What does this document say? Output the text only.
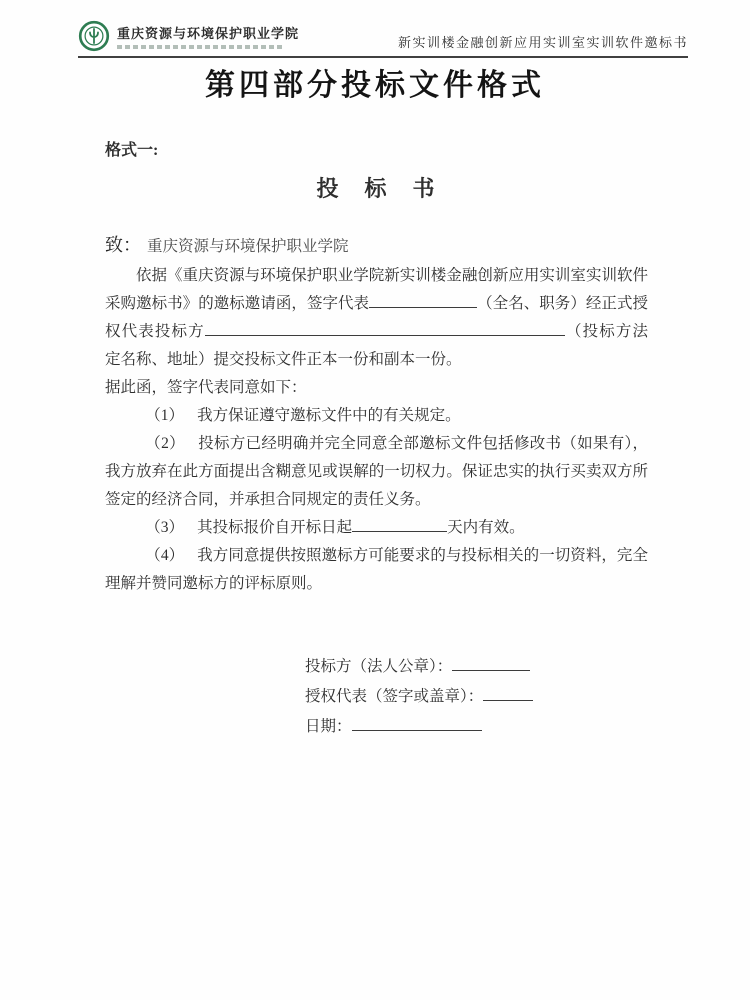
重庆资源与环境保护职业学院
新实训楼金融创新应用实训室实训软件邀标书
第四部分投标文件格式
格式一:
投　标　书
致： 重庆资源与环境保护职业学院

依据《重庆资源与环境保护职业学院新实训楼金融创新应用实训室实训软件采购邀标书》的邀标邀请函，签字代表	（全名、职务）经正式授权代表投标方	（投标方法定名称、地址）提交投标文件正本一份和副本一份。

据此函，签字代表同意如下：

（1） 我方保证遵守邀标文件中的有关规定。

（2） 投标方已经明确并完全同意全部邀标文件包括修改书（如果有），我方放弃在此方面提出含糊意见或误解的一切权力。保证忠实的执行买卖双方所签定的经济合同，并承担合同规定的责任义务。

（3） 其投标报价自开标日起	天内有效。

（4） 我方同意提供按照邀标方可能要求的与投标相关的一切资料，完全理解并赞同邀标方的评标原则。

投标方（法人公章）：
授权代表（签字或盖章）：
日期：
